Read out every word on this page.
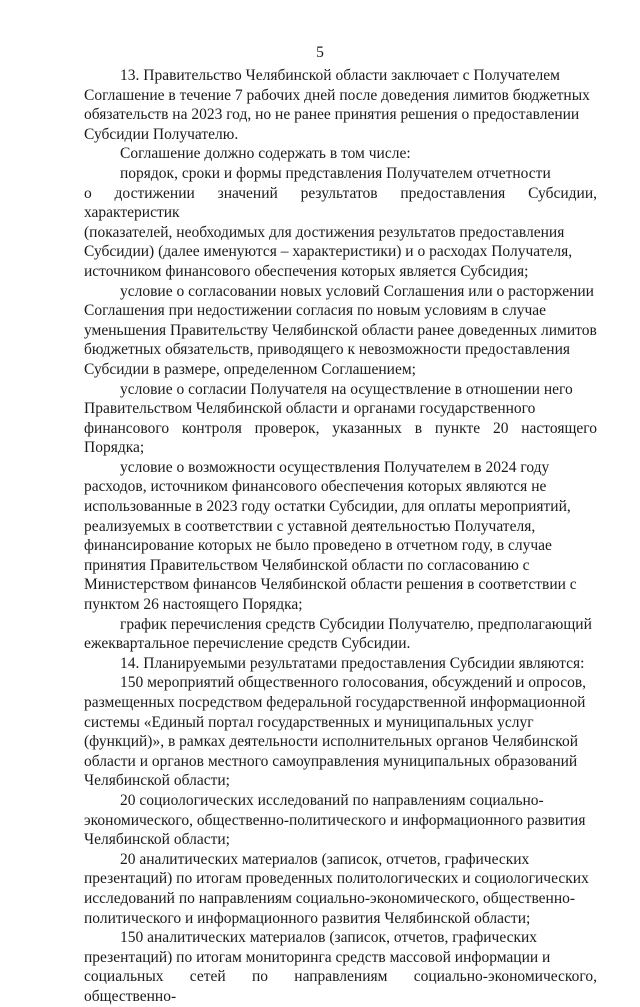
5

13. Правительство Челябинской области заключает с Получателем
Соглашение в течение 7 рабочих дней после доведения лимитов бюджетных
обязательств на 2023 год, но не ранее принятия решения о предоставлении
Субсидии Получателю.

Соглашение должно содержать в том числе:

порядок, сроки и формы представления Получателем отчетности
о достижении значений результатов предоставления Субсидии, характеристик
(показателей, необходимых для достижения результатов предоставления
Субсидии) (далее именуются – характеристики) и о расходах Получателя,
источником финансового обеспечения которых является Субсидия;

условие о согласовании новых условий Соглашения или о расторжении
Соглашения при недостижении согласия по новым условиям в случае
уменьшения Правительству Челябинской области ранее доведенных лимитов
бюджетных обязательств, приводящего к невозможности предоставления
Субсидии в размере, определенном Соглашением;

условие о согласии Получателя на осуществление в отношении него
Правительством Челябинской области и органами государственного
финансового контроля проверок, указанных в пункте 20 настоящего Порядка;

условие о возможности осуществления Получателем в 2024 году
расходов, источником финансового обеспечения которых являются не
использованные в 2023 году остатки Субсидии, для оплаты мероприятий,
реализуемых в соответствии с уставной деятельностью Получателя,
финансирование которых не было проведено в отчетном году, в случае
принятия Правительством Челябинской области по согласованию с
Министерством финансов Челябинской области решения в соответствии с
пунктом 26 настоящего Порядка;

график перечисления средств Субсидии Получателю, предполагающий
ежеквартальное перечисление средств Субсидии.

14. Планируемыми результатами предоставления Субсидии являются:

150 мероприятий общественного голосования, обсуждений и опросов,
размещенных посредством федеральной государственной информационной
системы «Единый портал государственных и муниципальных услуг
(функций)», в рамках деятельности исполнительных органов Челябинской
области и органов местного самоуправления муниципальных образований
Челябинской области;

20 социологических исследований по направлениям социально-
экономического, общественно-политического и информационного развития
Челябинской области;

20 аналитических материалов (записок, отчетов, графических
презентаций) по итогам проведенных политологических и социологических
исследований по направлениям социально-экономического, общественно-
политического и информационного развития Челябинской области;

150 аналитических материалов (записок, отчетов, графических
презентаций) по итогам мониторинга средств массовой информации и
социальных сетей по направлениям социально-экономического, общественно-
